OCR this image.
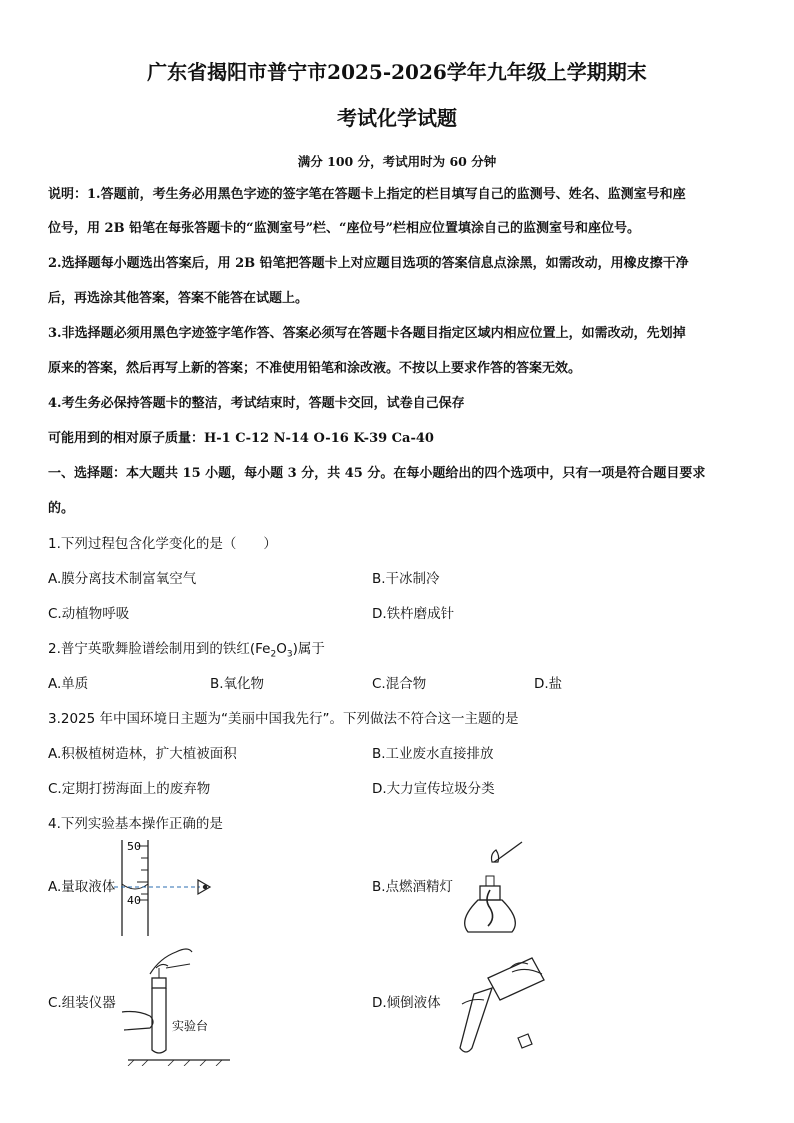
广东省揭阳市普宁市2025-2026学年九年级上学期期末
考试化学试题
满分 100 分，考试用时为 60 分钟
说明：1.答题前，考生务必用黑色字迹的签字笔在答题卡上指定的栏目填写自己的监测号、姓名、监测室号和座
位号，用 2B 铅笔在每张答题卡的“监测室号”栏、“座位号”栏相应位置填涂自己的监测室号和座位号。
2.选择题每小题选出答案后，用 2B 铅笔把答题卡上对应题目选项的答案信息点涂黑，如需改动，用橡皮擦干净
后，再选涂其他答案，答案不能答在试题上。
3.非选择题必须用黑色字迹签字笔作答、答案必须写在答题卡各题目指定区域内相应位置上，如需改动，先划掉
原来的答案，然后再写上新的答案；不准使用铅笔和涂改液。不按以上要求作答的答案无效。
4.考生务必保持答题卡的整洁，考试结束时，答题卡交回，试卷自己保存
可能用到的相对原子质量：H-1 C-12 N-14 O-16 K-39 Ca-40
一、选择题：本大题共 15 小题，每小题 3 分，共 45 分。在每小题给出的四个选项中，只有一项是符合题目要求
的。
1.下列过程包含化学变化的是（　　）
A.膜分离技术制富氧空气	B.干冰制冷
C.动植物呼吸	D.铁杵磨成针
2.普宁英歌舞脸谱绘制用到的铁红$(Fe_2O_3)$属于
A.单质	B.氧化物	C.混合物	D.盐
3.2025 年中国环境日主题为“美丽中国我先行”。下列做法不符合这一主题的是
A.积极植树造林，扩大植被面积	B.工业废水直接排放
C.定期打捞海面上的废弃物	D.大力宣传垃圾分类
4.下列实验基本操作正确的是
A.量取液体	B.点燃酒精灯
C.组装仪器	D.倾倒液体
50
40
实验台
